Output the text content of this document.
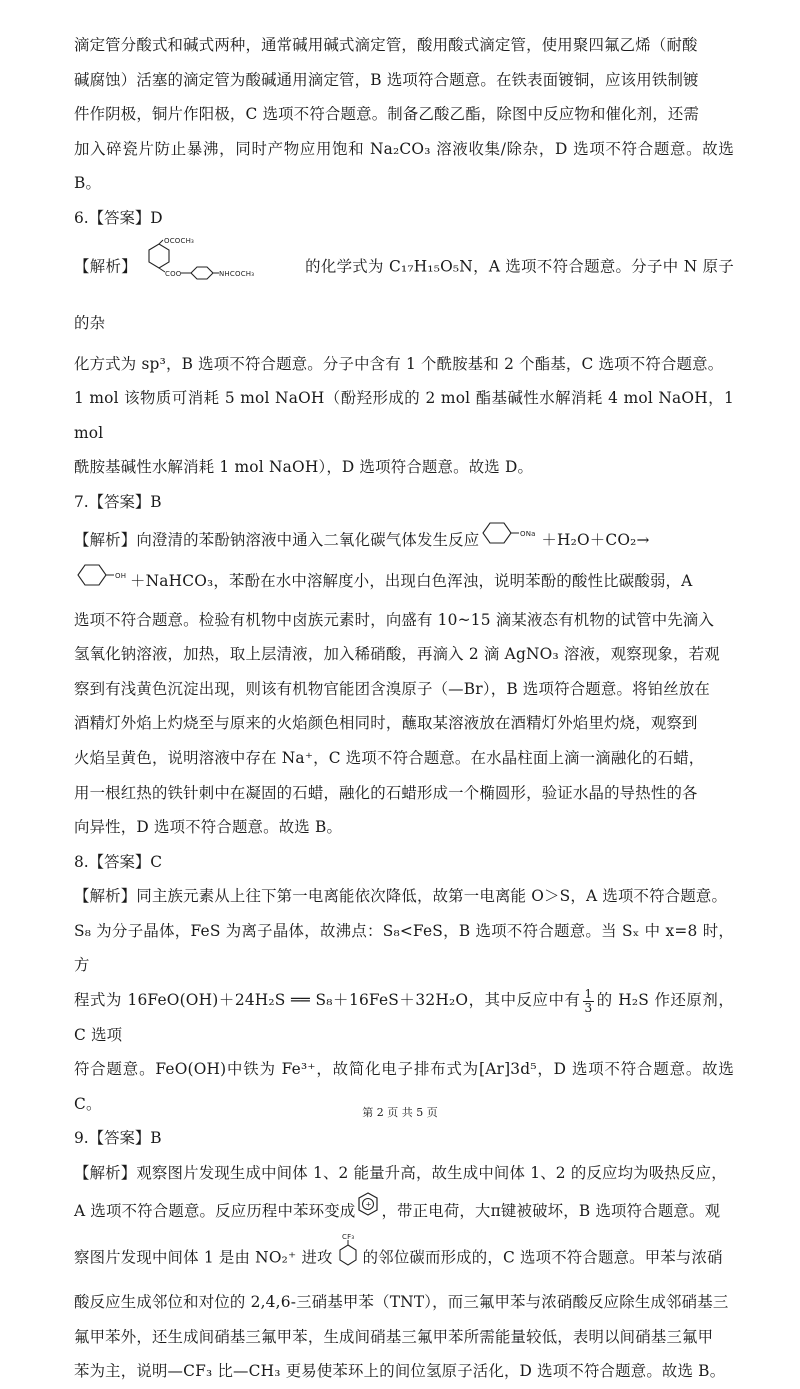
滴定管分酸式和碱式两种，通常碱用碱式滴定管，酸用酸式滴定管，使用聚四氟乙烯（耐酸

碱腐蚀）活塞的滴定管为酸碱通用滴定管，B 选项符合题意。在铁表面镀铜，应该用铁制镀

件作阴极，铜片作阳极，C 选项不符合题意。制备乙酸乙酯，除图中反应物和催化剂，还需

加入碎瓷片防止暴沸，同时产物应用饱和 Na₂CO₃ 溶液收集/除杂，D 选项不符合题意。故选 B。

6.【答案】D

【解析】
OCOCH₃
COO	NHCOCH₃	的化学式为 C₁₇H₁₅O₅N，A 选项不符合题意。分子中 N 原子的杂

化方式为 sp³，B 选项不符合题意。分子中含有 1 个酰胺基和 2 个酯基，C 选项不符合题意。

1 mol 该物质可消耗 5 mol NaOH（酚羟形成的 2 mol 酯基碱性水解消耗 4 mol NaOH，1 mol

酰胺基碱性水解消耗 1 mol NaOH），D 选项符合题意。故选 D。

7.【答案】B

【解析】向澄清的苯酚钠溶液中通入二氧化碳气体发生反应	ONa ＋H₂O＋CO₂→

OH ＋NaHCO₃，苯酚在水中溶解度小，出现白色浑浊，说明苯酚的酸性比碳酸弱，A

选项不符合题意。检验有机物中卤族元素时，向盛有 10~15 滴某液态有机物的试管中先滴入

氢氧化钠溶液，加热，取上层清液，加入稀硝酸，再滴入 2 滴 AgNO₃ 溶液，观察现象，若观

察到有浅黄色沉淀出现，则该有机物官能团含溴原子（—Br），B 选项符合题意。将铂丝放在

酒精灯外焰上灼烧至与原来的火焰颜色相同时，蘸取某溶液放在酒精灯外焰里灼烧，观察到

火焰呈黄色，说明溶液中存在 Na⁺，C 选项不符合题意。在水晶柱面上滴一滴融化的石蜡，

用一根红热的铁针刺中在凝固的石蜡，融化的石蜡形成一个椭圆形，验证水晶的导热性的各

向异性，D 选项不符合题意。故选 B。

8.【答案】C

【解析】同主族元素从上往下第一电离能依次降低，故第一电离能 O＞S，A 选项不符合题意。

S₈ 为分子晶体，FeS 为离子晶体，故沸点：S₈<FeS，B 选项不符合题意。当 Sₓ 中 x=8 时，方

程式为 16FeO(OH)＋24H₂S ══ S₈＋16FeS＋32H₂O，其中反应中有 $\frac{1}{3}$ 的 H₂S 作还原剂，C 选项

符合题意。FeO(OH)中铁为 Fe³⁺，故简化电子排布式为[Ar]3d⁵，D 选项不符合题意。故选 C。

9.【答案】B

【解析】观察图片发现生成中间体 1、2 能量升高，故生成中间体 1、2 的反应均为吸热反应，

A 选项不符合题意。反应历程中苯环变成 + ，带正电荷，大π键被破坏，B 选项符合题意。观

察图片发现中间体 1 是由 NO₂⁺ 进攻
CF₃
的邻位碳而形成的，C 选项不符合题意。甲苯与浓硝

酸反应生成邻位和对位的 2,4,6-三硝基甲苯（TNT），而三氟甲苯与浓硝酸反应除生成邻硝基三

氟甲苯外，还生成间硝基三氟甲苯，生成间硝基三氟甲苯所需能量较低，表明以间硝基三氟甲

苯为主，说明—CF₃ 比—CH₃ 更易使苯环上的间位氢原子活化，D 选项不符合题意。故选 B。

第 2 页 共 5 页
